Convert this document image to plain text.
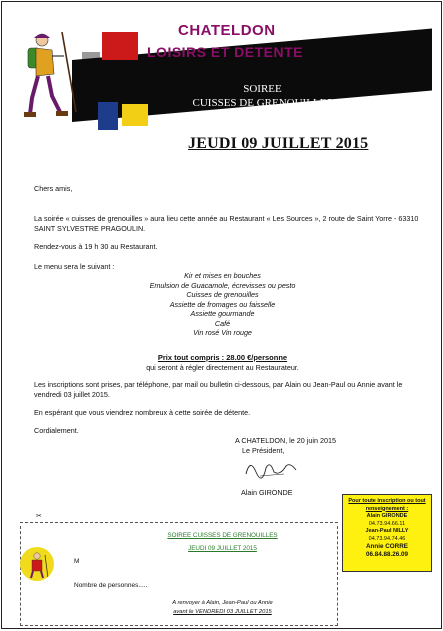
CHATELDON
LOISIRS ET DETENTE
SOIREE
CUISSES DE GRENOUILLES
JEUDI 09 JUILLET 2015
Chers amis,
La soirée « cuisses de grenouilles » aura lieu cette année au Restaurant « Les Sources », 2 route de Saint Yorre - 63310 SAINT SYLVESTRE PRAGOULIN.
Rendez-vous à 19 h 30 au Restaurant.
Le menu sera le suivant :
Kir et mises en bouches
Emulsion de Guacamole, écrevisses ou pesto
Cuisses de grenouilles
Assiette de fromages ou faisselle
Assiette gourmande
Café
Vin rosé Vin rouge
Prix tout compris : 28.00 €/personne
qui seront à régler directement au Restaurateur.
Les inscriptions sont prises, par téléphone, par mail ou bulletin ci-dessous, par Alain ou Jean-Paul ou Annie avant le vendredi 03 juillet 2015.
En espérant que vous viendrez nombreux à cette soirée de détente.
Cordialement.
A CHATELDON, le 20 juin 2015
Le Président,
Alain GIRONDE
Pour toute inscription ou tout renseignement :
Alain GIRONDE
04.73.94.66.11
Jean-Paul NILLY
04.73.94.74.46
Annie CORRE
06.84.88.26.09
✂
SOIREE CUISSES DE GRENOUILLES
JEUDI 09 JUILLET 2015
M
Nombre de personnes.....
A renvoyer à Alain, Jean-Paul ou Annie
avant le VENDREDI 03 JUILLET 2015
